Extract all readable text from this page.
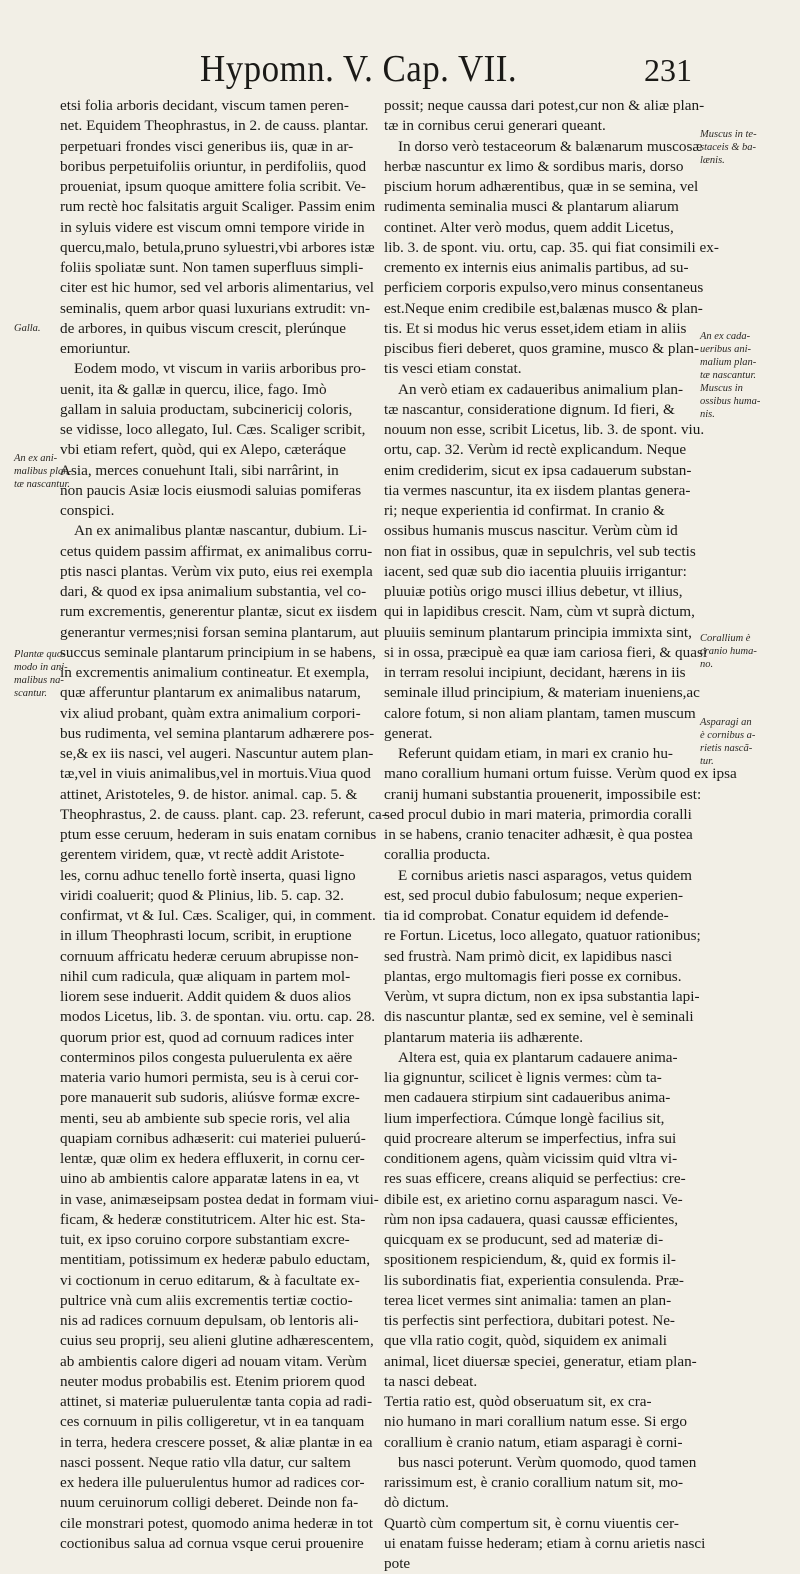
Hypomn. V. Cap. VII.	231
etsi folia arboris decidant, viscum tamen peren-
net. Equidem Theophrastus, in 2. de causs. plantar.
perpetuari frondes visci generibus iis, quæ in ar-
boribus perpetuifoliis oriuntur, in perdifoliis, quod
proueniat, ipsum quoque amittere folia scribit. Ve-
rum rectè hoc falsitatis arguit Scaliger. Passim enim
in syluis videre est viscum omni tempore viride in
quercu,malo, betula,pruno syluestri,vbi arbores istæ
foliis spoliatæ sunt. Non tamen superfluus simpli-
citer est hic humor, sed vel arboris alimentarius, vel
seminalis, quem arbor quasi luxurians extrudit: vn-
de arbores, in quibus viscum crescit, plerúnque
emoriuntur.
Eodem modo, vt viscum in variis arboribus pro-
uenit, ita & gallæ in quercu, ilice, fago. Imò
gallam in saluia productam, subcinericij coloris,
se vidisse, loco allegato, Iul. Cæs. Scaliger scribit,
vbi etiam refert, quòd, qui ex Alepo, cæteráque
Asia, merces conuehunt Itali, sibi narrârint, in
non paucis Asiæ locis eiusmodi saluias pomiferas
conspici.
An ex animalibus plantæ nascantur, dubium. Li-
cetus quidem passim affirmat, ex animalibus corru-
ptis nasci plantas. Verùm vix puto, eius rei exempla
dari, & quod ex ipsa animalium substantia, vel co-
rum excrementis, generentur plantæ, sicut ex iisdem
generantur vermes;nisi forsan semina plantarum, aut
succus seminale plantarum principium in se habens,
in excrementis animalium contineatur. Et exempla,
quæ afferuntur plantarum ex animalibus natarum,
vix aliud probant, quàm extra animalium corpori-
bus rudimenta, vel semina plantarum adhærere pos-
se,& ex iis nasci, vel augeri. Nascuntur autem plan-
tæ,vel in viuis animalibus,vel in mortuis.Viua quod
attinet, Aristoteles, 9. de histor. animal. cap. 5. &
Theophrastus, 2. de causs. plant. cap. 23. referunt, ca-
ptum esse ceruum, hederam in suis enatam cornibus
gerentem viridem, quæ, vt rectè addit Aristote-
les, cornu adhuc tenello fortè inserta, quasi ligno
viridi coaluerit; quod & Plinius, lib. 5. cap. 32.
confirmat, vt & Iul. Cæs. Scaliger, qui, in comment.
in illum Theophrasti locum, scribit, in eruptione
cornuum affricatu hederæ ceruum abrupisse non-
nihil cum radicula, quæ aliquam in partem mol-
liorem sese induerit. Addit quidem & duos alios
modos Licetus, lib. 3. de spontan. viu. ortu. cap. 28.
quorum prior est, quod ad cornuum radices inter
conterminos pilos congesta puluerulenta ex aëre
materia vario humori permista, seu is à cerui cor-
pore manauerit sub sudoris, aliúsve formæ excre-
menti, seu ab ambiente sub specie roris, vel alia
quapiam cornibus adhæserit: cui materiei puluerú-
lentæ, quæ olim ex hedera effluxerit, in cornu cer-
uino ab ambientis calore apparatæ latens in ea, vt
in vase, animæseipsam postea dedat in formam viui-
ficam, & hederæ constitutricem. Alter hic est. Sta-
tuit, ex ipso coruino corpore substantiam excre-
mentitiam, potissimum ex hederæ pabulo eductam,
vi coctionum in ceruo editarum, & à facultate ex-
pultrice vnà cum aliis excrementis tertiæ coctio-
nis ad radices cornuum depulsam, ob lentoris ali-
cuius seu proprij, seu alieni glutine adhærescentem,
ab ambientis calore digeri ad nouam vitam. Verùm
neuter modus probabilis est. Etenim priorem quod
attinet, si materiæ puluerulentæ tanta copia ad radi-
ces cornuum in pilis colligeretur, vt in ea tanquam
in terra, hedera crescere posset, & aliæ plantæ in ea
nasci possent. Neque ratio vlla datur, cur saltem
ex hedera ille puluerulentus humor ad radices cor-
nuum ceruinorum colligi deberet. Deinde non fa-
cile monstrari potest, quomodo anima hederæ in tot
coctionibus salua ad cornua vsque cerui prouenire
possit; neque caussa dari potest,cur non & aliæ plan-
tæ in cornibus cerui generari queant.
In dorso verò testaceorum & balænarum muscosæ
herbæ nascuntur ex limo & sordibus maris, dorso
piscium horum adhærentibus, quæ in se semina, vel
rudimenta seminalia musci & plantarum aliarum
continet. Alter verò modus, quem addit Licetus,
lib. 3. de spont. viu. ortu, cap. 35. qui fiat consimili ex-
cremento ex internis eius animalis partibus, ad su-
perficiem corporis expulso,vero minus consentaneus
est.Neque enim credibile est,balænas musco & plan-
tis. Et si modus hic verus esset,idem etiam in aliis
piscibus fieri deberet, quos gramine, musco & plan-
tis vesci etiam constat.
An verò etiam ex cadaueribus animalium plan-
tæ nascantur, consideratione dignum. Id fieri, &
nouum non esse, scribit Licetus, lib. 3. de spont. viu.
ortu, cap. 32. Verùm id rectè explicandum. Neque
enim crediderim, sicut ex ipsa cadauerum substan-
tia vermes nascuntur, ita ex iisdem plantas genera-
ri; neque experientia id confirmat. In cranio &
ossibus humanis muscus nascitur. Verùm cùm id
non fiat in ossibus, quæ in sepulchris, vel sub tectis
iacent, sed quæ sub dio iacentia pluuiis irrigantur:
pluuiæ potiùs origo musci illius debetur, vt illius,
qui in lapidibus crescit. Nam, cùm vt suprà dictum,
pluuiis seminum plantarum principia immixta sint,
si in ossa, præcipuè ea quæ iam cariosa fieri, & quasi
in terram resolui incipiunt, decidant, hærens in iis
seminale illud principium, & materiam inueniens,ac
calore fotum, si non aliam plantam, tamen muscum
generat.
Referunt quidam etiam, in mari ex cranio hu-
mano corallium humani ortum fuisse. Verùm quod ex ipsa
cranij humani substantia prouenerit, impossibile est:
sed procul dubio in mari materia, primordia coralli
in se habens, cranio tenaciter adhæsit, è qua postea
corallia producta.
E cornibus arietis nasci asparagos, vetus quidem
est, sed procul dubio fabulosum; neque experien-
tia id comprobat. Conatur equidem id defende-
re Fortun. Licetus, loco allegato, quatuor rationibus;
sed frustrà. Nam primò dicit, ex lapidibus nasci
plantas, ergo multomagis fieri posse ex cornibus.
Verùm, vt supra dictum, non ex ipsa substantia lapi-
dis nascuntur plantæ, sed ex semine, vel è seminali
plantarum materia iis adhærente.
Altera est, quia ex plantarum cadauere anima-
lia gignuntur, scilicet è lignis vermes: cùm ta-
men cadauera stirpium sint cadaueribus anima-
lium imperfectiora. Cúmque longè facilius sit,
quid procreare alterum se imperfectius, infra sui
conditionem agens, quàm vicissim quid vltra vi-
res suas efficere, creans aliquid se perfectius: cre-
dibile est, ex arietino cornu asparagum nasci. Ve-
rùm non ipsa cadauera, quasi caussæ efficientes,
quicquam ex se producunt, sed ad materiæ di-
spositionem respiciendum, &, quid ex formis il-
lis subordinatis fiat, experientia consulenda. Præ-
terea licet vermes sint animalia: tamen an plan-
tis perfectis sint perfectiora, dubitari potest. Ne-
que vlla ratio cogit, quòd, siquidem ex animali
animal, licet diuersæ speciei, generatur, etiam plan-
ta nasci debeat.
Tertia ratio est, quòd obseruatum sit, ex cra-
nio humano in mari corallium natum esse. Si ergo
corallium è cranio natum, etiam asparagi è corni-
bus nasci poterunt. Verùm quomodo, quod tamen
rarissimum est, è cranio corallium natum sit, mo-
dò dictum.
Quartò cùm compertum sit, è cornu viuentis cer-
ui enatam fuisse hederam; etiam à cornu arietis nasci
pote
Galla.
An ex ani-
malibus plan-
tæ nascantur.
Plantæ quo-
modo in ani-
malibus na-
scantur.
Muscus in te-
staceis & ba-
lænis.
An ex cada-
ueribus ani-
malium plan-
tæ nascantur.
Muscus in
ossibus huma-
nis.
Corallium è
cranio huma-
no.
Asparagi an
è cornibus a-
rietis nascã-
tur.
